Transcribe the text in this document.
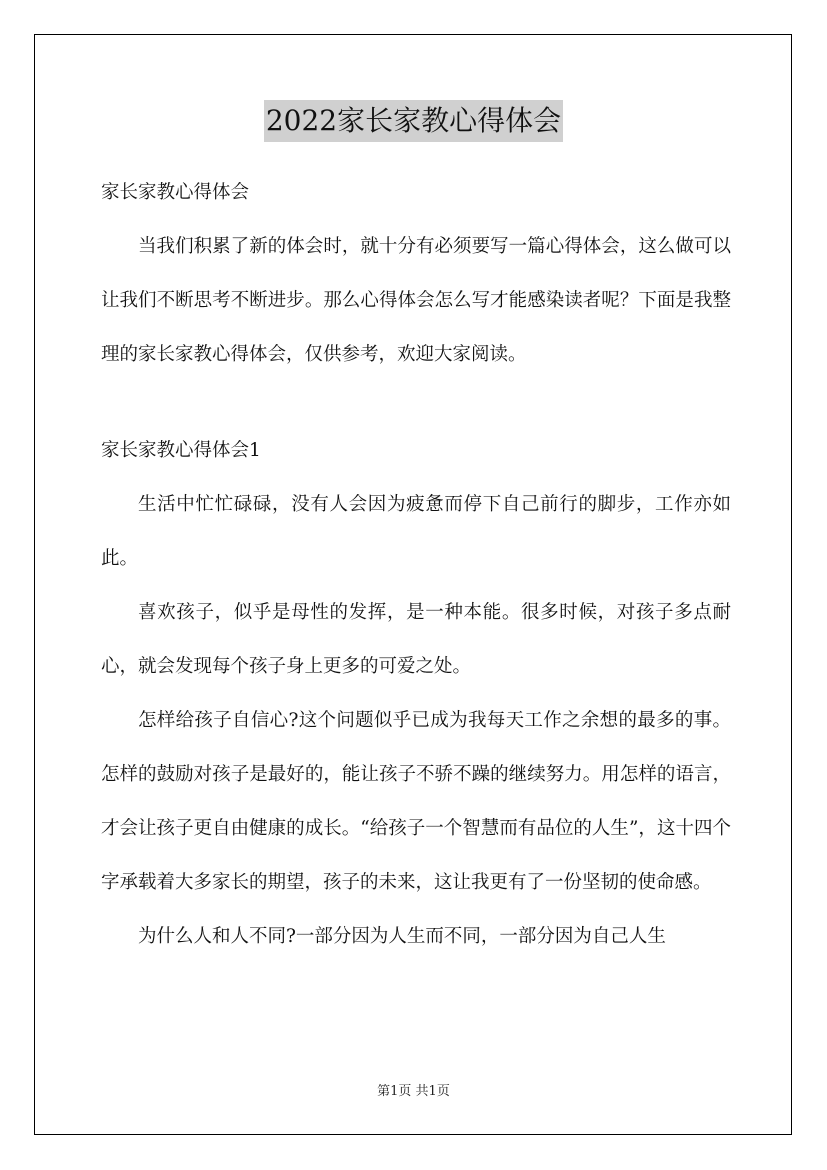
2022家长家教心得体会

家长家教心得体会

当我们积累了新的体会时，就十分有必须要写一篇心得体会，这么做可以让我们不断思考不断进步。那么心得体会怎么写才能感染读者呢？下面是我整理的家长家教心得体会，仅供参考，欢迎大家阅读。

家长家教心得体会1

生活中忙忙碌碌，没有人会因为疲惫而停下自己前行的脚步，工作亦如此。

喜欢孩子，似乎是母性的发挥，是一种本能。很多时候，对孩子多点耐心，就会发现每个孩子身上更多的可爱之处。

怎样给孩子自信心?这个问题似乎已成为我每天工作之余想的最多的事。怎样的鼓励对孩子是最好的，能让孩子不骄不躁的继续努力。用怎样的语言，才会让孩子更自由健康的成长。“给孩子一个智慧而有品位的人生”，这十四个字承载着大多家长的期望，孩子的未来，这让我更有了一份坚韧的使命感。

为什么人和人不同?一部分因为人生而不同，一部分因为自己人生

第1页 共1页
